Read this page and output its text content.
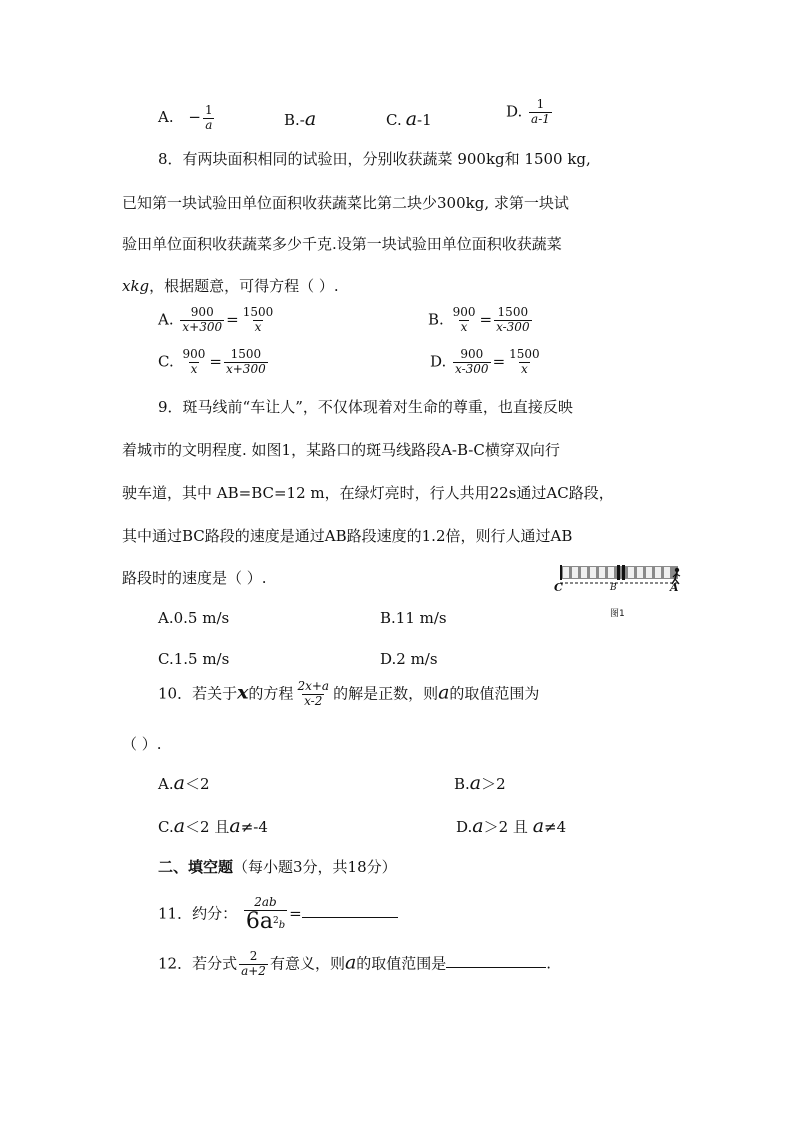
A. − $\frac{1}{a}$	B.-a	C. a-1	D. $\frac{1}{a-1}$
8．有两块面积相同的试验田，分别收获蔬菜 900kg和 1500 kg,
已知第一块试验田单位面积收获蔬菜比第二块少300kg, 求第一块试
验田单位面积收获蔬菜多少千克.设第一块试验田单位面积收获蔬菜
xkg，根据题意，可得方程（ ）.
A. $\frac{900}{x+300} = \frac{1500}{x}$	B. $\frac{900}{x} = \frac{1500}{x-300}$
C. $\frac{900}{x} = \frac{1500}{x+300}$	D. $\frac{900}{x-300} = \frac{1500}{x}$
9．斑马线前“车让人”，不仅体现着对生命的尊重，也直接反映
着城市的文明程度. 如图1，某路口的斑马线路段A-B-C横穿双向行
驶车道，其中 AB=BC=12 m，在绿灯亮时，行人共用22s通过AC路段，
其中通过BC路段的速度是通过AB路段速度的1.2倍，则行人通过AB
路段时的速度是（ ）.
C	B	A
图1
A.0.5 m/s	B.11 m/s
C.1.5 m/s	D.2 m/s
10．若关于x的方程 $\frac{2x+a}{x-2}$ 的解是正数，则a的取值范围为
（ ）.
A.a＜2	B.a＞2
C.a＜2 且a≠-4	D.a＞2 且 a≠4
二、填空题（每小题3分，共18分）
11．约分： $\frac{2ab}{6a^2b}$ =
12．若分式 $\frac{2}{a+2}$ 有意义，则a的取值范围是	.
